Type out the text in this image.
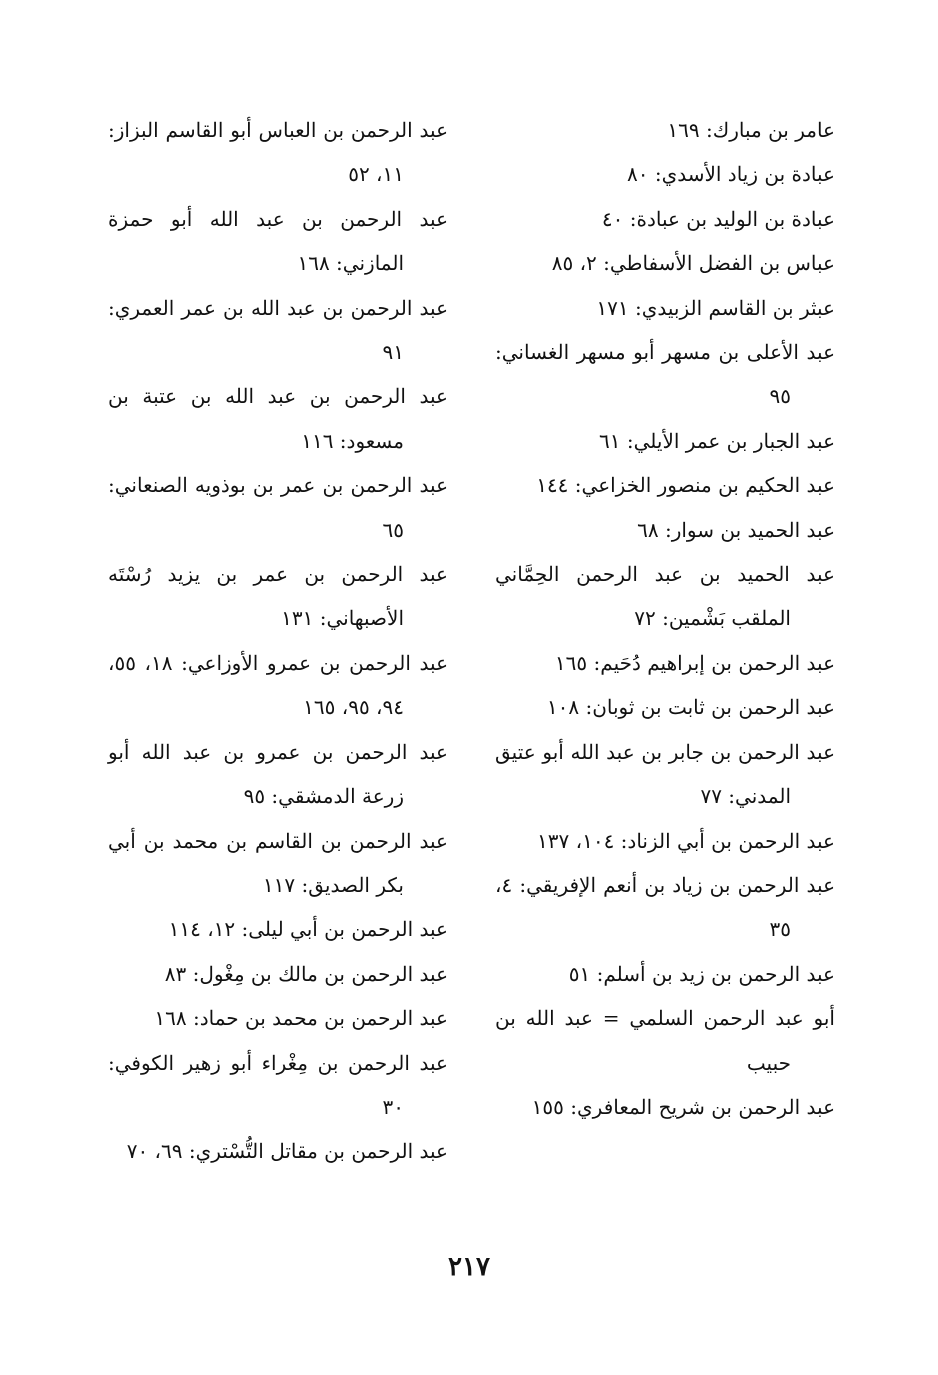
عامر بن مبارك: ١٦٩

عبادة بن زياد الأسدي: ٨٠

عبادة بن الوليد بن عبادة: ٤٠

عباس بن الفضل الأسفاطي: ٢، ٨٥

عبثر بن القاسم الزبيدي: ١٧١

عبد الأعلى بن مسهر أبو مسهر الغساني: ٩٥

عبد الجبار بن عمر الأيلي: ٦١

عبد الحكيم بن منصور الخزاعي: ١٤٤

عبد الحميد بن سوار: ٦٨

عبد الحميد بن عبد الرحمن الحِمَّاني الملقب بَشْمين: ٧٢

عبد الرحمن بن إبراهيم دُحَيم: ١٦٥

عبد الرحمن بن ثابت بن ثوبان: ١٠٨

عبد الرحمن بن جابر بن عبد الله أبو عتيق المدني: ٧٧

عبد الرحمن بن أبي الزناد: ١٠٤، ١٣٧

عبد الرحمن بن زياد بن أنعم الإفريقي: ٤، ٣٥

عبد الرحمن بن زيد بن أسلم: ٥١

أبو عبد الرحمن السلمي = عبد الله بن حبيب

عبد الرحمن بن شريح المعافري: ١٥٥

عبد الرحمن بن العباس أبو القاسم البزاز: ١١، ٥٢

عبد الرحمن بن عبد الله أبو حمزة المازني: ١٦٨

عبد الرحمن بن عبد الله بن عمر العمري: ٩١

عبد الرحمن بن عبد الله بن عتبة بن مسعود: ١١٦

عبد الرحمن بن عمر بن بوذويه الصنعاني: ٦٥

عبد الرحمن بن عمر بن يزيد رُسْتَه الأصبهاني: ١٣١

عبد الرحمن بن عمرو الأوزاعي: ١٨، ٥٥، ٩٤، ٩٥، ١٦٥

عبد الرحمن بن عمرو بن عبد الله أبو زرعة الدمشقي: ٩٥

عبد الرحمن بن القاسم بن محمد بن أبي بكر الصديق: ١١٧

عبد الرحمن بن أبي ليلى: ١٢، ١١٤

عبد الرحمن بن مالك بن مِغْول: ٨٣

عبد الرحمن بن محمد بن حماد: ١٦٨

عبد الرحمن بن مِغْراء أبو زهير الكوفي: ٣٠

عبد الرحمن بن مقاتل التُّسْتري: ٦٩، ٧٠

٢١٧
